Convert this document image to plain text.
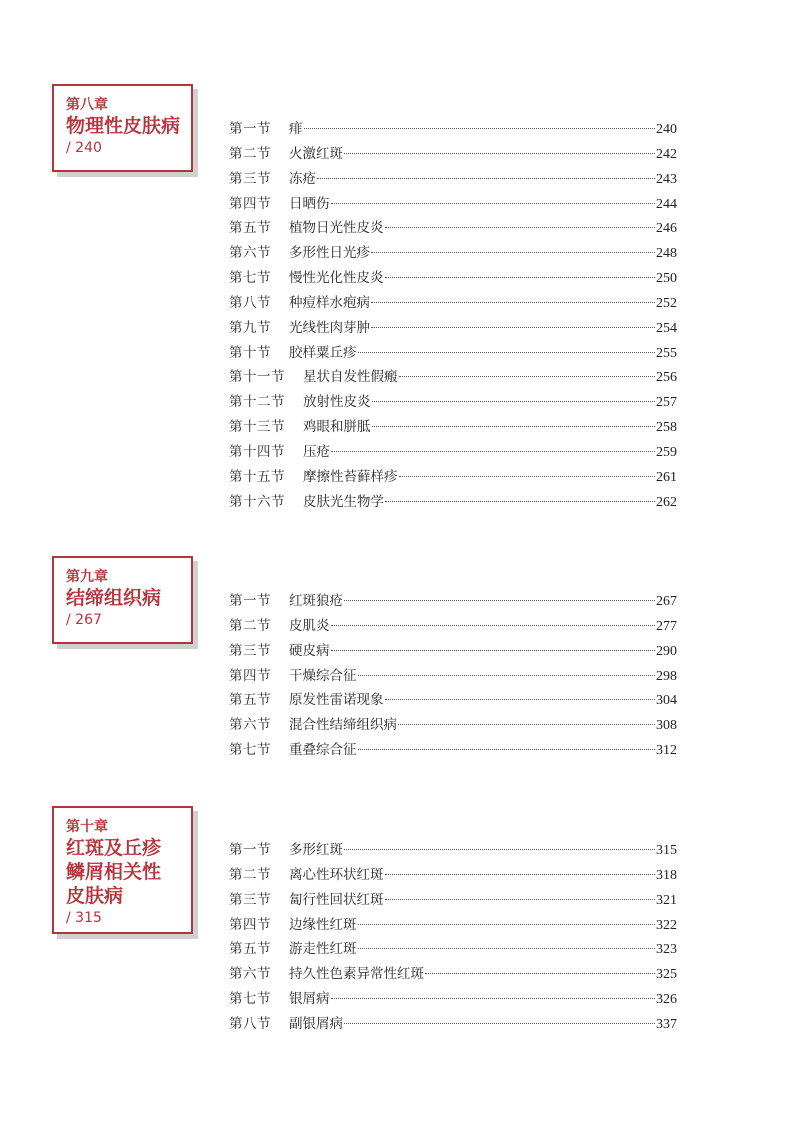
第八章
物理性皮肤病
/ 240
第一节 痱	240
第二节 火激红斑	242
第三节 冻疮	243
第四节 日晒伤	244
第五节 植物日光性皮炎	246
第六节 多形性日光疹	248
第七节 慢性光化性皮炎	250
第八节 种痘样水疱病	252
第九节 光线性肉芽肿	254
第十节 胶样粟丘疹	255
第十一节 星状自发性假瘢	256
第十二节 放射性皮炎	257
第十三节 鸡眼和胼胝	258
第十四节 压疮	259
第十五节 摩擦性苔藓样疹	261
第十六节 皮肤光生物学	262
第九章
结缔组织病
/ 267
第一节 红斑狼疮	267
第二节 皮肌炎	277
第三节 硬皮病	290
第四节 干燥综合征	298
第五节 原发性雷诺现象	304
第六节 混合性结缔组织病	308
第七节 重叠综合征	312
第十章
红斑及丘疹
鳞屑相关性
皮肤病
/ 315
第一节 多形红斑	315
第二节 离心性环状红斑	318
第三节 匐行性回状红斑	321
第四节 边缘性红斑	322
第五节 游走性红斑	323
第六节 持久性色素异常性红斑	325
第七节 银屑病	326
第八节 副银屑病	337
